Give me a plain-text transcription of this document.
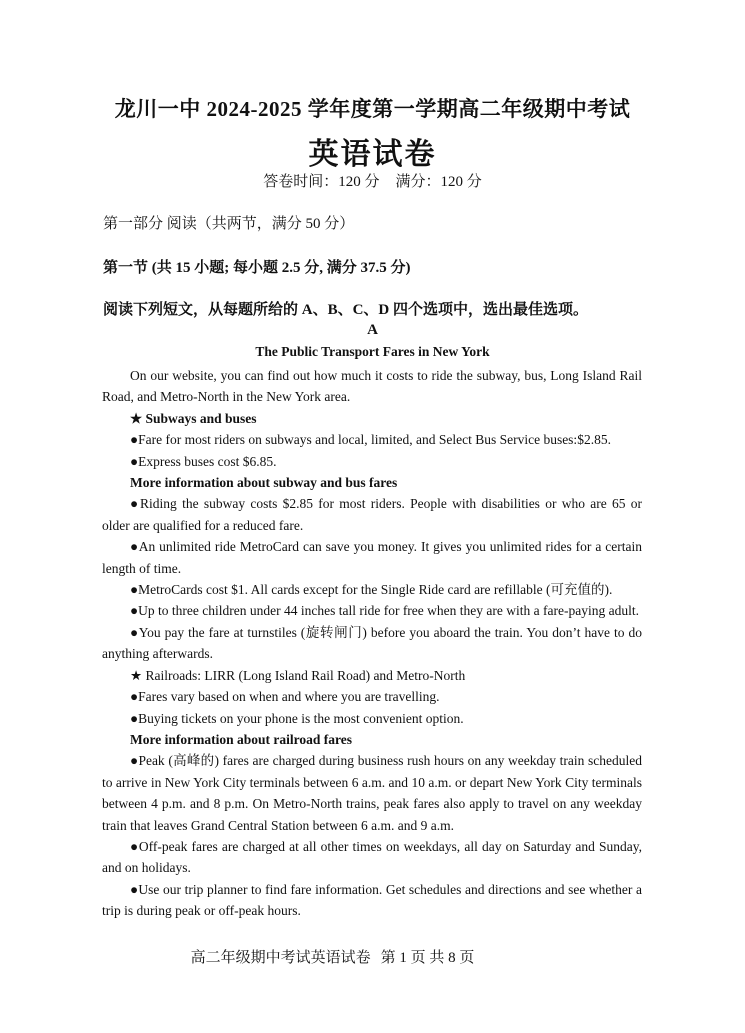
龙川一中 2024-2025 学年度第一学期高二年级期中考试
英语试卷
答卷时间：120 分 满分：120 分
第一部分 阅读（共两节，满分 50 分）
第一节 (共 15 小题; 每小题 2.5 分, 满分 37.5 分)
阅读下列短文，从每题所给的 A、B、C、D 四个选项中，选出最佳选项。
A
The Public Transport Fares in New York

On our website, you can find out how much it costs to ride the subway, bus, Long Island Rail Road, and Metro-North in the New York area.

★ Subways and buses

●Fare for most riders on subways and local, limited, and Select Bus Service buses:$2.85.

●Express buses cost $6.85.

More information about subway and bus fares

●Riding the subway costs $2.85 for most riders. People with disabilities or who are 65 or older are qualified for a reduced fare.

●An unlimited ride MetroCard can save you money. It gives you unlimited rides for a certain length of time.

●MetroCards cost $1. All cards except for the Single Ride card are refillable (可充值的).

●Up to three children under 44 inches tall ride for free when they are with a fare-paying adult.

●You pay the fare at turnstiles (旋转闸门) before you aboard the train. You don’t have to do anything afterwards.

★ Railroads: LIRR (Long Island Rail Road) and Metro-North

●Fares vary based on when and where you are travelling.

●Buying tickets on your phone is the most convenient option.

More information about railroad fares

●Peak (高峰的) fares are charged during business rush hours on any weekday train scheduled to arrive in New York City terminals between 6 a.m. and 10 a.m. or depart New York City terminals between 4 p.m. and 8 p.m. On Metro-North trains, peak fares also apply to travel on any weekday train that leaves Grand Central Station between 6 a.m. and 9 a.m.

●Off-peak fares are charged at all other times on weekdays, all day on Saturday and Sunday, and on holidays.

●Use our trip planner to find fare information. Get schedules and directions and see whether a trip is during peak or off-peak hours.

高二年级期中考试英语试卷 第 1 页 共 8 页
